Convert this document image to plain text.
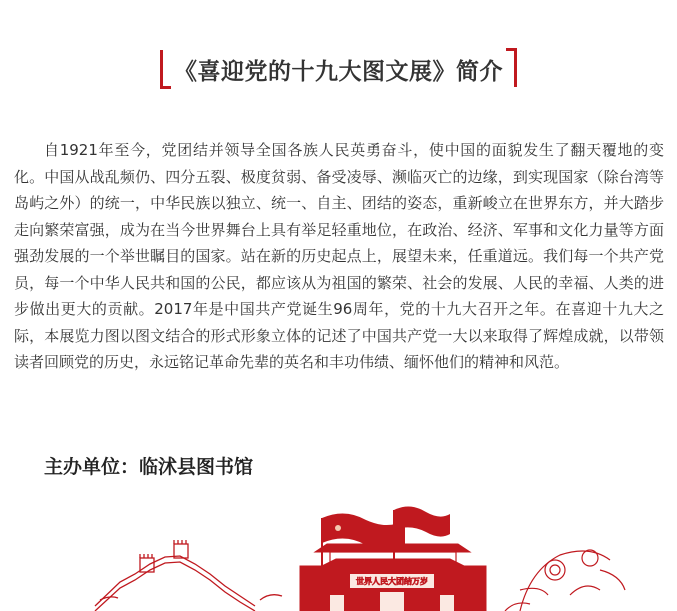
《喜迎党的十九大图文展》简介

自1921年至今，党团结并领导全国各族人民英勇奋斗，使中国的面貌发生了翻天覆地的变化。中国从战乱频仍、四分五裂、极度贫弱、备受凌辱、濒临灭亡的边缘，到实现国家（除台湾等岛屿之外）的统一，中华民族以独立、统一、自主、团结的姿态，重新峻立在世界东方，并大踏步走向繁荣富强，成为在当今世界舞台上具有举足轻重地位，在政治、经济、军事和文化力量等方面强劲发展的一个举世瞩目的国家。站在新的历史起点上，展望未来，任重道远。我们每一个共产党员，每一个中华人民共和国的公民，都应该从为祖国的繁荣、社会的发展、人民的幸福、人类的进步做出更大的贡献。2017年是中国共产党诞生96周年，党的十九大召开之年。在喜迎十九大之际，本展览力图以图文结合的形式形象立体的记述了中国共产党一大以来取得了辉煌成就，以带领读者回顾党的历史，永远铭记革命先辈的英名和丰功伟绩、缅怀他们的精神和风范。

主办单位：临沭县图书馆
世界人民大团结万岁
